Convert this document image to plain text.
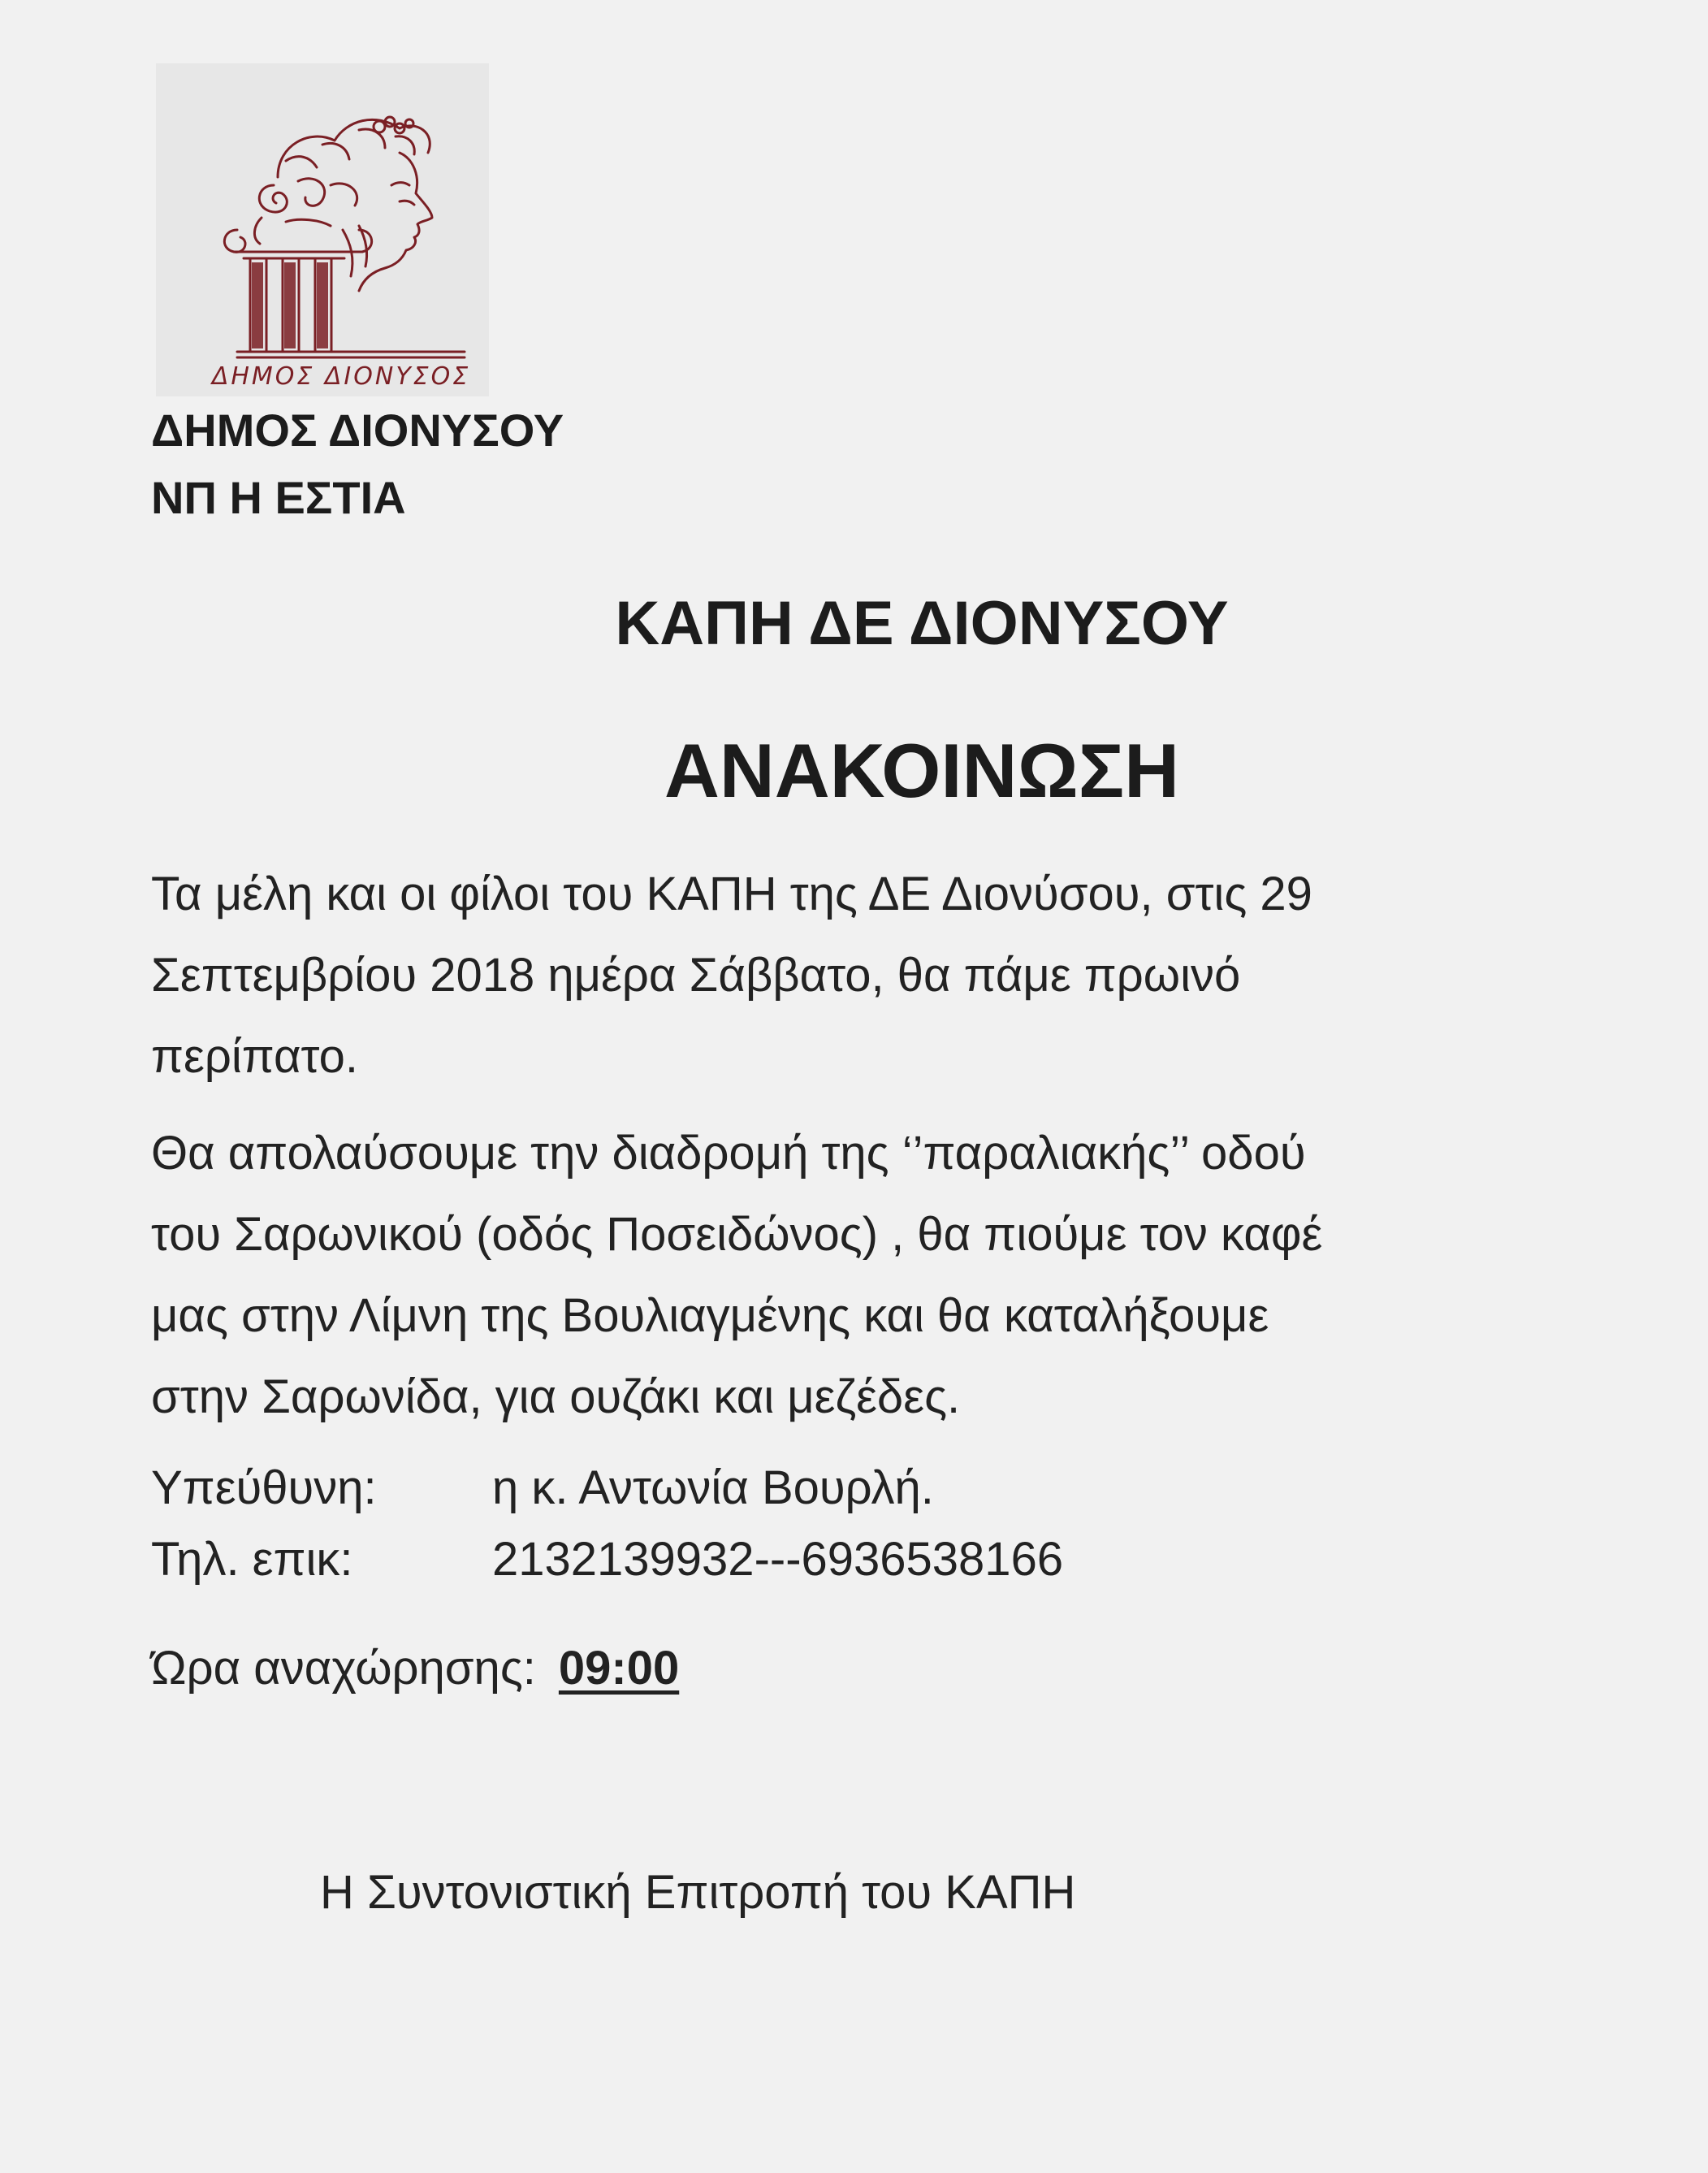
ΔΗΜΟΣ ΔΙΟΝΥΣΟΣ
ΔΗΜΟΣ ΔΙΟΝΥΣΟΥ
ΝΠ Η ΕΣΤΙΑ
ΚΑΠΗ ΔΕ ΔΙΟΝΥΣΟΥ
ΑΝΑΚΟΙΝΩΣΗ
Τα μέλη και οι φίλοι του ΚΑΠΗ της ΔΕ Διονύσου, στις 29
Σεπτεμβρίου 2018 ημέρα Σάββατο, θα πάμε πρωινό
περίπατο.
Θα απολαύσουμε την διαδρομή της ‘’παραλιακής’’ οδού
του Σαρωνικού (οδός Ποσειδώνος) , θα πιούμε τον καφέ
μας στην Λίμνη της Βουλιαγμένης και θα καταλήξουμε
στην Σαρωνίδα, για ουζάκι και μεζέδες.
Υπεύθυνη: η κ. Αντωνία Βουρλή.
Τηλ. επικ:	2132139932---6936538166
Ώρα αναχώρησης: 09:00
Η Συντονιστική Επιτροπή του ΚΑΠΗ
